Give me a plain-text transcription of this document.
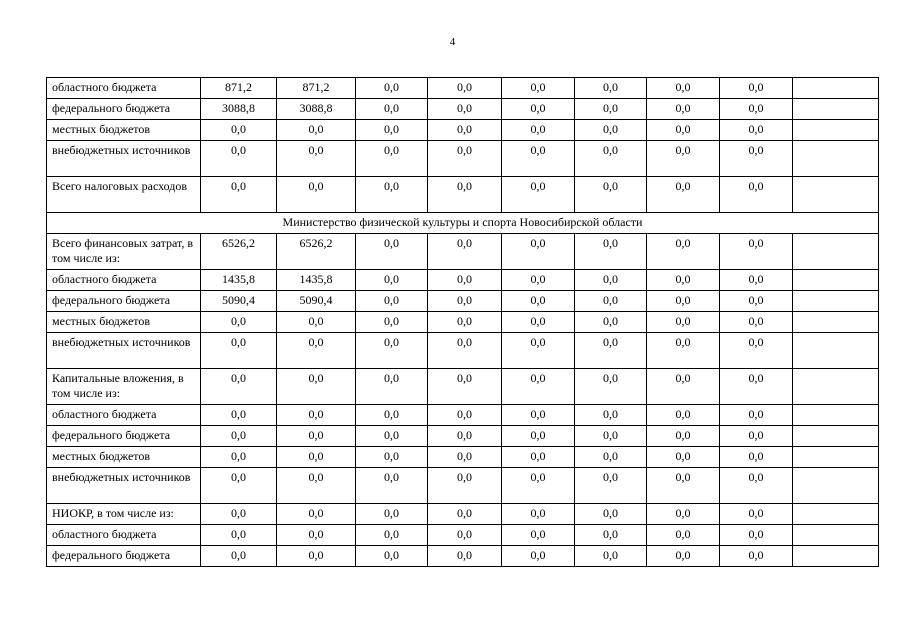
4
областного бюджета	871,2	871,2	0,0	0,0	0,0	0,0	0,0	0,0	
федерального бюджета	3088,8	3088,8	0,0	0,0	0,0	0,0	0,0	0,0	
местных бюджетов	0,0	0,0	0,0	0,0	0,0	0,0	0,0	0,0	
внебюджетных источников	0,0	0,0	0,0	0,0	0,0	0,0	0,0	0,0	
Всего налоговых расходов	0,0	0,0	0,0	0,0	0,0	0,0	0,0	0,0	
Министерство физической культуры и спорта Новосибирской области									
Всего финансовых затрат, в том числе из:	6526,2	6526,2	0,0	0,0	0,0	0,0	0,0	0,0	
областного бюджета	1435,8	1435,8	0,0	0,0	0,0	0,0	0,0	0,0	
федерального бюджета	5090,4	5090,4	0,0	0,0	0,0	0,0	0,0	0,0	
местных бюджетов	0,0	0,0	0,0	0,0	0,0	0,0	0,0	0,0	
внебюджетных источников	0,0	0,0	0,0	0,0	0,0	0,0	0,0	0,0	
Капитальные вложения, в том числе из:	0,0	0,0	0,0	0,0	0,0	0,0	0,0	0,0	
областного бюджета	0,0	0,0	0,0	0,0	0,0	0,0	0,0	0,0	
федерального бюджета	0,0	0,0	0,0	0,0	0,0	0,0	0,0	0,0	
местных бюджетов	0,0	0,0	0,0	0,0	0,0	0,0	0,0	0,0	
внебюджетных источников	0,0	0,0	0,0	0,0	0,0	0,0	0,0	0,0	
НИОКР, в том числе из:	0,0	0,0	0,0	0,0	0,0	0,0	0,0	0,0	
областного бюджета	0,0	0,0	0,0	0,0	0,0	0,0	0,0	0,0	
федерального бюджета	0,0	0,0	0,0	0,0	0,0	0,0	0,0	0,0	
